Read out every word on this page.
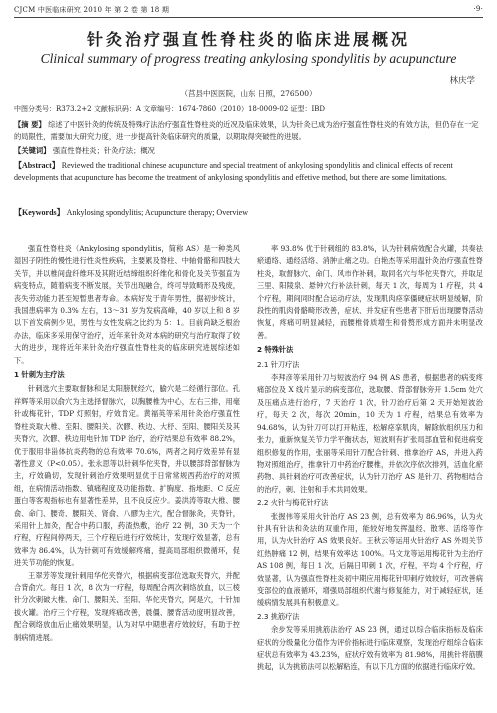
CJCM 中医临床研究 2010 年 第 2 卷 第 18 期	·9·
针灸治疗强直性脊柱炎的临床进展概况
Clinical summary of progress treating ankylosing spondylitis by acupuncture
林庆学
（莒县中医医院，山东 日照，276500）
中图分类号：R373.2+2 文献标识码：A 文章编号：1674-7860（2010）18-0009-02 证型：IBD
【摘 要】 综述了中医针灸的传统及特殊疗法治疗强直性脊柱炎的近况及临床效果，认为针灸已成为治疗强直性脊柱炎的有效方法，但仍存在一定的局限性，需要加大研究力度，进一步提高针灸临床研究的质量，以期取得突破性的进展。
【关键词】 强直性脊柱炎；针灸疗法；概况
【Abstract】 Reviewed the traditional chinese acupuncture and special treatment of ankylosing spondylitis and clinical effects of recent developments that acupuncture has become the treatment of ankylosing spondylitis and effetive method, but there are some limitations.
【Keywords】 Ankylosing spondylitis; Acupuncture therapy; Overview

强直性脊柱炎（Ankylosing spondylitis，简称 AS）是一种类风湿因子阴性的慢性进行性炎性疾病，主要累及脊柱、中轴骨骼和四肢大关节，并以椎间盘纤维环及其附近结缔组织纤维化和骨化及关节强直为病变特点，随着病变不断发展，关节出现融合，终可导致畸形及残废，丧失劳动能力甚至短暂患者寿命。本病好发于青年男性，据初步统计，我国患病率为 0.3% 左右，13～31 岁为发病高峰，40 岁以上和 8 岁以下首发病例少见，男性与女性发病之比约为 5：1。目前尚缺乏根治办法，临床多采用保守治疗，近年来针灸对本病的研究与治疗取得了较大的进步，现将近年来针灸治疗强直性脊柱炎的临床研究进展综述如下。

1 针刺为主疗法

针刺选穴主要取督脉和足太阳膀胱经穴，腧穴是二经循行部位。孔祥辉等采用以俞穴为主选择督脉穴，以胸腰椎为中心，左右三排，用毫针或梅花针，TDP 灯照射，疗效肯定。黄福英等采用针灸治疗强直性脊柱炎取大椎、至阳、腰阳关、次髎、秩边、大杼、至阳、腰阳关及其夹脊穴，次髎、秩边用电针加 TDP 治疗，治疗结果总有效率 88.2%，优于服用非甾体抗炎药物的总有效率 70.6%，两者之间疗效差异有显著性意义（P<0.05）。张永思等以针刺华佗夹脊，并以腰部背部督脉为主，疗效确切，发现针刺治疗效果明显优于日常常规西药治疗的对照组，在病情活动指数、镇痛程度及功能指数、扩胸度、指地距、C 反应蛋白等客观指标也有显著性差异，且不良反应少。姜洪涛等取大椎、腰俞、命门、腰奇、腰阳关、肾俞、八髎为主穴，配合督脉灸，夹脊针，采用针上加灸，配合中药口服，药渣热敷，治疗 22 例，30 天为一个疗程，疗程间停两天，三个疗程后进行疗效统计，发现疗效显著，总有效率为 86.4%，认为针刺可有效缓解疼痛，提高局部组织微循环，促进关节功能的恢复。

王翠芳等发现针刺用华佗夹脊穴，根据病变部位选取夹脊穴，并配合背俞穴。每日 1 次，8 次为一疗程，每周配合两次刺络放血，以三棱针分次刺破大椎、命门、腰阳关、至阳、华佗夹脊穴，阿是穴，十针加拔火罐。治疗三个疗程，发现疼痛改善，晨僵、腰背活动度明显改善，配合刺络放血后止痛效果明显，认为对早中期患者疗效较好，有助于控制病情进展。

率 93.8% 优于针刺组的 83.8%，认为针刺病效配合火罐，共奏祛瘀通络、通经活络、消肿止痛之功。白艳杰等采用温针灸治疗强直性脊柱炎，取督脉穴、命门、风市作补刺，取同名穴与华佗夹脊穴，并取足三里、阳陵泉、悬钟穴行补法针刺，每天 1 次，每周为 1 疗程，共 4 个疗程，期间同时配合运动疗法，发现肌肉痉挛僵硬症状明显缓解，阶段性的肌肉骨骼畸形改善，症状、并发症有些患者下肝后出现腰脊活动恢复，疼痛可明显减轻，而腰椎骨质增生和骨赘形成方面并未明显改善。

2 特殊针法

2.1 针刀疗法

李拜彦等采用针刀与短波治疗 94 例 AS 患者，根据患者的病变疼痛部位及 X 线片显示的病变部位，选取腰、背部督脉旁开 1.5cm 处穴及压痛点进行治疗，7 天治疗 1 次，针刀治疗后第 2 天开始短波治疗，每天 2 次，每次 20min，10 天为 1 疗程，结果总有效率为 94.68%，认为针刀可以打开粘连，松解痉挛肌肉，解除软组织压力和张力，重新恢复关节力学平衡状态，短波则有扩张局部血管和促进病变组织修复的作用，张丽等采用针刀配合针刺、推拿治疗 AS，并进入药物对照组治疗，推拿针刀中药治疗腰椎，并依次序依次排列，活血化瘀药物、具针刺治疗可改善症状，认为针刀治疗 AS 是针刀、药物相结合的治疗，刺、注射和手术共同效果。

2.2 火针与梅花针疗法

张握伟等采用火针治疗 AS 23 例，总有效率为 86.96%，认为火针具有针法和灸法的双重作用，能较好地发挥温经、散寒、活络等作用，认为火针治疗 AS 效果良好。王秋云等运用火针治疗 AS 外周关节红热肿痛 12 例，结果有效率达 100%。马文龙等运用梅花针为主治疗 AS 108 例，每日 1 次，后隔日叩刺 1 次，疗程，平均 4 个疗程，疗效显著，认为强直性脊柱炎初中期应用梅花针叩刺疗效较好，可改善病变部位的血液循环，增强局部组织代谢与修复能力，对于减轻症状，延缓病情发展具有积极意义。

2.3 挑筋疗法

余步发等采用挑筋法治疗 AS 23 例，通过以综合临床指标及临床症状的分级量化分值作为评价指标进行临床观察，发现治疗组综合临床症状总有效率为 43.23%，症状疗效有效率为 81.98%，用挑针将筋膜挑起，认为挑筋法可以松解粘连，有以下几方面的依据进行临床疗效。
